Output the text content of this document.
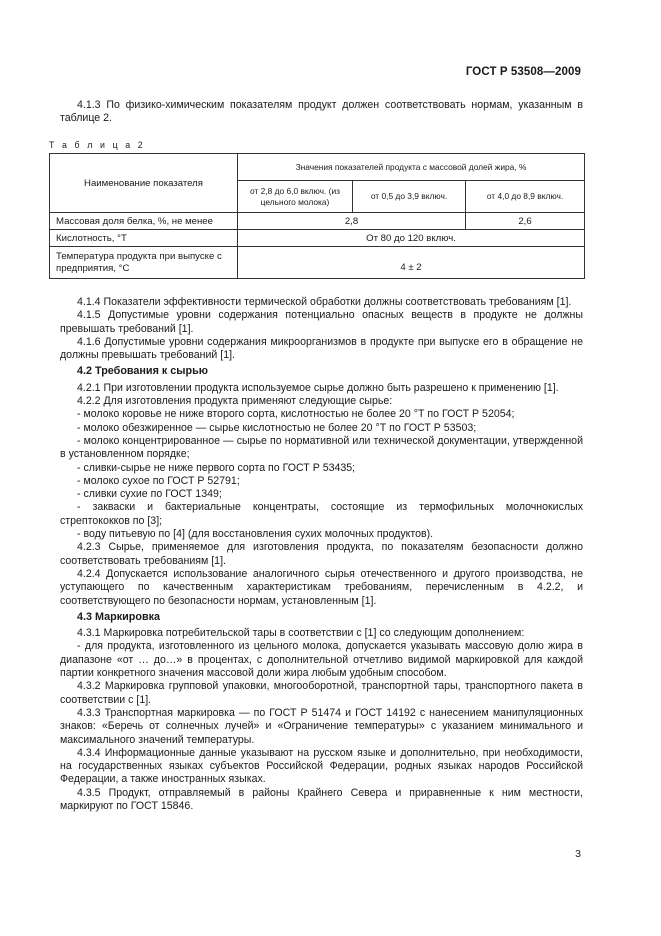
ГОСТ Р 53508—2009

4.1.3 По физико-химическим показателям продукт должен соответствовать нормам, указанным в таблице 2.

Т а б л и ц а 2
Наименование показателя	Значения показателей продукта с массовой долей жира, %		
	от 2,8 до 6,0 включ. (из цельного молока)	от 0,5 до 3,9 включ.	от 4,0 до 8,9 включ.
Массовая доля белка, %, не менее	2,8		2,6
Кислотность, °Т	От 80 до 120 включ.		
Температура продукта при выпуске с предприятия, °С	4 ± 2		

4.1.4 Показатели эффективности термической обработки должны соответствовать требованиям [1].

4.1.5 Допустимые уровни содержания потенциально опасных веществ в продукте не должны превышать требований [1].

4.1.6 Допустимые уровни содержания микроорганизмов в продукте при выпуске его в обращение не должны превышать требований [1].

4.2 Требования к сырью

4.2.1 При изготовлении продукта используемое сырье должно быть разрешено к применению [1].

4.2.2 Для изготовления продукта применяют следующие сырье:

- молоко коровье не ниже второго сорта, кислотностью не более 20 °Т по ГОСТ Р 52054;

- молоко обезжиренное — сырье кислотностью не более 20 °Т по ГОСТ Р 53503;

- молоко концентрированное — сырье по нормативной или технической документации, утвержденной в установленном порядке;

- сливки-сырье не ниже первого сорта по ГОСТ Р 53435;

- молоко сухое по ГОСТ Р 52791;

- сливки сухие по ГОСТ 1349;

- закваски и бактериальные концентраты, состоящие из термофильных молочнокислых стрептококков по [3];

- воду питьевую по [4] (для восстановления сухих молочных продуктов).

4.2.3 Сырье, применяемое для изготовления продукта, по показателям безопасности должно соответствовать требованиям [1].

4.2.4 Допускается использование аналогичного сырья отечественного и другого производства, не уступающего по качественным характеристикам требованиям, перечисленным в 4.2.2, и соответствующего по безопасности нормам, установленным [1].

4.3 Маркировка

4.3.1 Маркировка потребительской тары в соответствии с [1] со следующим дополнением:

- для продукта, изготовленного из цельного молока, допускается указывать массовую долю жира в диапазоне «от … до…» в процентах, с дополнительной отчетливо видимой маркировкой для каждой партии конкретного значения массовой доли жира любым удобным способом.

4.3.2 Маркировка групповой упаковки, многооборотной, транспортной тары, транспортного пакета в соответствии с [1].

4.3.3 Транспортная маркировка — по ГОСТ Р 51474 и ГОСТ 14192 с нанесением манипуляционных знаков: «Беречь от солнечных лучей» и «Ограничение температуры» с указанием минимального и максимального значений температуры.

4.3.4 Информационные данные указывают на русском языке и дополнительно, при необходимости, на государственных языках субъектов Российской Федерации, родных языках народов Российской Федерации, а также иностранных языках.

4.3.5 Продукт, отправляемый в районы Крайнего Севера и приравненные к ним местности, маркируют по ГОСТ 15846.

3
